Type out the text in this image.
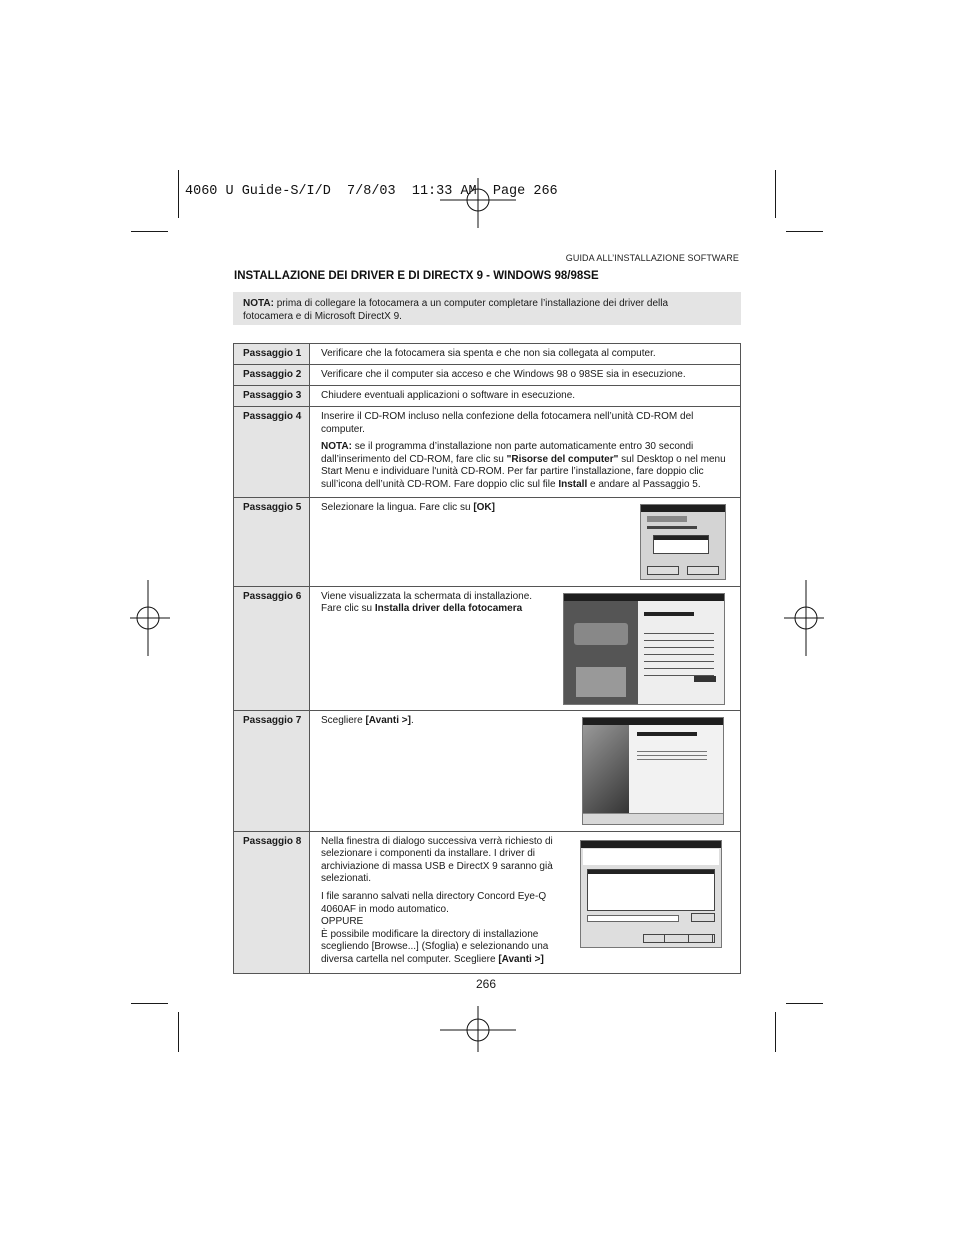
4060 U Guide-S/I/D  7/8/03  11:33 AM  Page 266
GUIDA ALL’INSTALLAZIONE SOFTWARE
INSTALLAZIONE DEI DRIVER E DI DIRECTX 9 - WINDOWS 98/98SE
NOTA: prima di collegare la fotocamera a un computer completare l’installazione dei driver della
fotocamera e di Microsoft DirectX 9.
Passaggio 1	Verificare che la fotocamera sia spenta e che non sia collegata al computer.
Passaggio 2	Verificare che il computer sia acceso e che Windows 98 o 98SE sia in esecuzione.
Passaggio 3	Chiudere eventuali applicazioni o software in esecuzione.
Passaggio 4	Inserire il CD-ROM incluso nella confezione della fotocamera nell’unità CD-ROM del computer.
NOTA: se il programma d’installazione non parte automaticamente entro 30 secondi dall’inserimento del CD-ROM, fare clic su "Risorse del computer" sul Desktop o nel menu Start Menu e individuare l'unità CD-ROM. Per far partire l’installazione, fare doppio clic sull’icona dell’unità CD-ROM. Fare doppio clic sul file Install e andare al Passaggio 5.

Passaggio 5	Selezionare la lingua. Fare clic su [OK]

Passaggio 6	Viene visualizzata la schermata di installazione.
Fare clic su Installa driver della fotocamera

Passaggio 7	Scegliere [Avanti >].

Passaggio 8	Nella finestra di dialogo successiva verrà richiesto di selezionare i componenti da installare. I driver di archiviazione di massa USB e DirectX 9 saranno già selezionati.
I file saranno salvati nella directory Concord Eye-Q 4060AF in modo automatico.
OPPURE
È possibile modificare la directory di installazione scegliendo [Browse...] (Sfoglia) e selezionando una diversa cartella nel computer. Scegliere [Avanti >]
266
